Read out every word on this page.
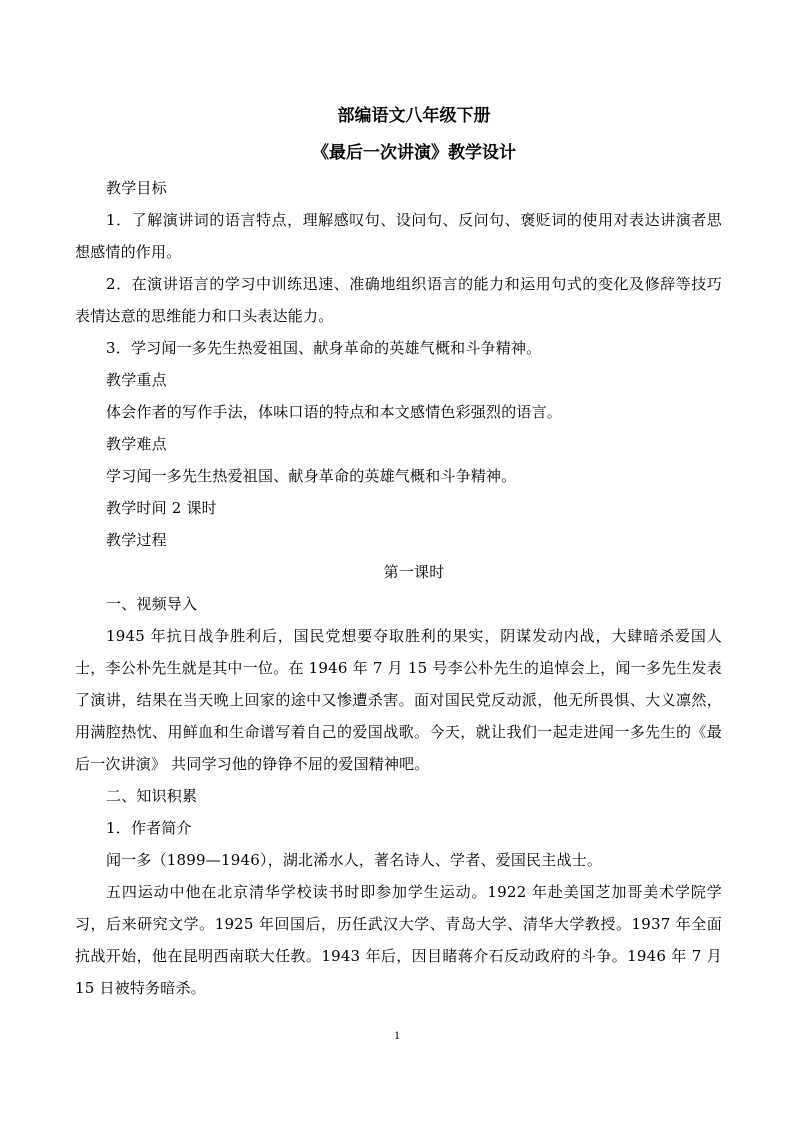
部编语文八年级下册
《最后一次讲演》教学设计

教学目标

1．了解演讲词的语言特点，理解感叹句、设问句、反问句、褒贬词的使用对表达讲演者思想感情的作用。

2．在演讲语言的学习中训练迅速、准确地组织语言的能力和运用句式的变化及修辞等技巧表情达意的思维能力和口头表达能力。

3．学习闻一多先生热爱祖国、献身革命的英雄气概和斗争精神。

教学重点

体会作者的写作手法，体味口语的特点和本文感情色彩强烈的语言。

教学难点

学习闻一多先生热爱祖国、献身革命的英雄气概和斗争精神。

教学时间 2 课时

教学过程

第一课时

一、视频导入

1945 年抗日战争胜利后，国民党想要夺取胜利的果实，阴谋发动内战，大肆暗杀爱国人士，李公朴先生就是其中一位。在 1946 年 7 月 15 号李公朴先生的追悼会上，闻一多先生发表了演讲，结果在当天晚上回家的途中又惨遭杀害。面对国民党反动派，他无所畏惧、大义凛然，用满腔热忱、用鲜血和生命谱写着自己的爱国战歌。今天，就让我们一起走进闻一多先生的《最后一次讲演》 共同学习他的铮铮不屈的爱国精神吧。

二、知识积累

1．作者简介

闻一多（1899—1946），湖北浠水人，著名诗人、学者、爱国民主战士。

五四运动中他在北京清华学校读书时即参加学生运动。1922 年赴美国芝加哥美术学院学习，后来研究文学。1925 年回国后，历任武汉大学、青岛大学、清华大学教授。1937 年全面抗战开始，他在昆明西南联大任教。1943 年后，因目睹蒋介石反动政府的斗争。1946 年 7 月 15 日被特务暗杀。

1
